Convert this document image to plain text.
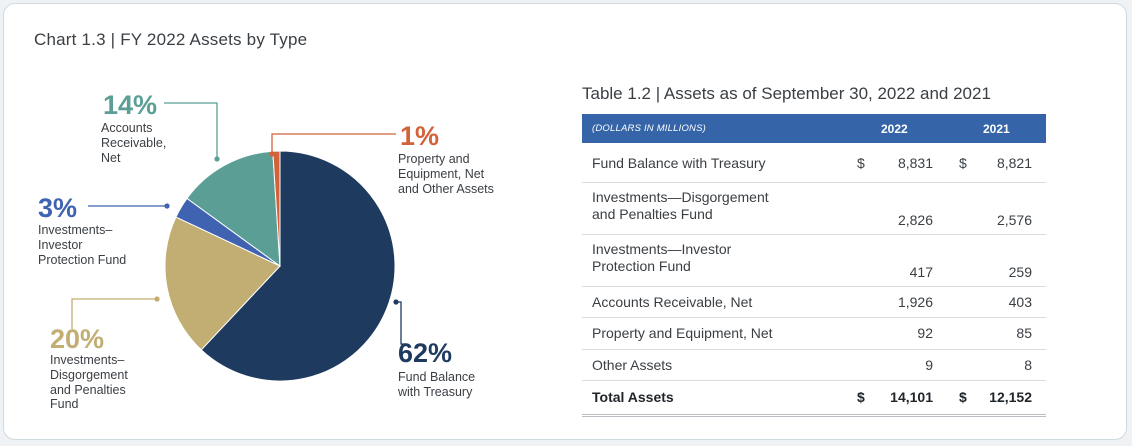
Chart 1.3 | FY 2022 Assets by Type
62%
Fund Balance
with Treasury
20%
Investments–
Disgorgement
and Penalties
Fund
3%
Investments–
Investor
Protection Fund
14%
Accounts
Receivable,
Net
1%
Property and
Equipment, Net
and Other Assets
Table 1.2 | Assets as of September 30, 2022 and 2021
(DOLLARS IN MILLIONS)	2022	2021
Fund Balance with Treasury	$	8,831 $	8,821
Investments—Disgorgement
and Penalties Fund	2,826	2,576
Investments—Investor
Protection Fund	417	259
Accounts Receivable, Net	1,926	403
Property and Equipment, Net	92	85
Other Assets	9	8
Total Assets	$	14,101 $	12,152
